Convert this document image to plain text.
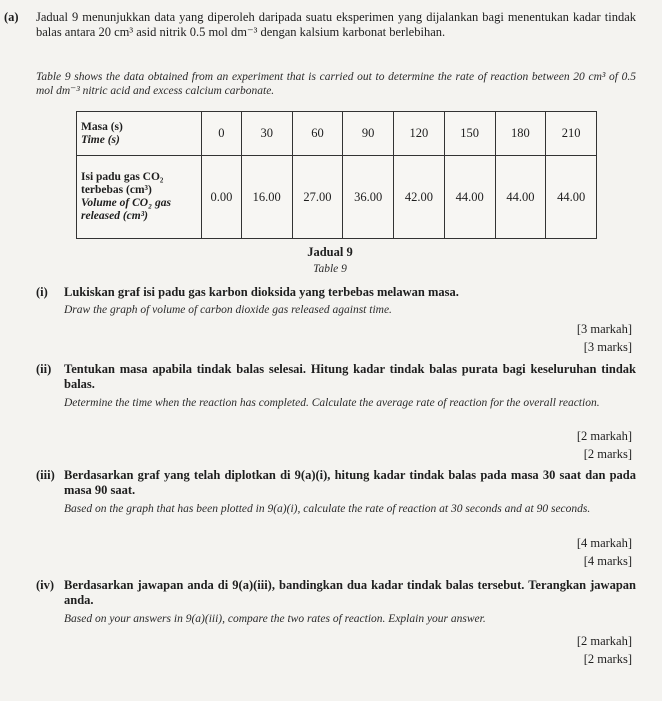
(a) Jadual 9 menunjukkan data yang diperoleh daripada suatu eksperimen yang dijalankan bagi menentukan kadar tindak balas antara 20 cm³ asid nitrik 0.5 mol dm⁻³ dengan kalsium karbonat berlebihan.
Table 9 shows the data obtained from an experiment that is carried out to determine the rate of reaction between 20 cm³ of 0.5 mol dm⁻³ nitric acid and excess calcium carbonate.
Masa (s)
Time (s)	0	30	60	90	120	150	180	210

Isi padu gas CO₂
terbebas (cm³)
Volume of CO₂ gas
released (cm³)	0.00	16.00	27.00	36.00	42.00	44.00	44.00	44.00
Jadual 9
Table 9
(i) Lukiskan graf isi padu gas karbon dioksida yang terbebas melawan masa.
Draw the graph of volume of carbon dioxide gas released against time.
[3 markah]
[3 marks]
(ii) Tentukan masa apabila tindak balas selesai. Hitung kadar tindak balas purata bagi keseluruhan tindak balas.
Determine the time when the reaction has completed. Calculate the average rate of reaction for the overall reaction.
[2 markah]
[2 marks]
(iii) Berdasarkan graf yang telah diplotkan di 9(a)(i), hitung kadar tindak balas pada masa 30 saat dan pada masa 90 saat.
Based on the graph that has been plotted in 9(a)(i), calculate the rate of reaction at 30 seconds and at 90 seconds.
[4 markah]
[4 marks]
(iv) Berdasarkan jawapan anda di 9(a)(iii), bandingkan dua kadar tindak balas tersebut. Terangkan jawapan anda.
Based on your answers in 9(a)(iii), compare the two rates of reaction. Explain your answer.
[2 markah]
[2 marks]
